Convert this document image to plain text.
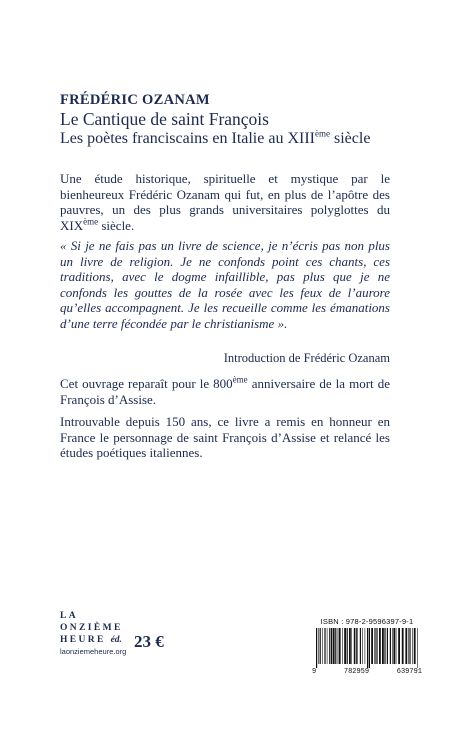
FRÉDÉRIC OZANAM
Le Cantique de saint François
Les poètes franciscains en Italie au XIIIème siècle

Une étude historique, spirituelle et mystique par le bienheureux Frédéric Ozanam qui fut, en plus de l’apôtre des pauvres, un des plus grands universitaires polyglottes du XIXème siècle.

« Si je ne fais pas un livre de science, je n’écris pas non plus un livre de religion. Je ne confonds point ces chants, ces traditions, avec le dogme infaillible, pas plus que je ne confonds les gouttes de la rosée avec les feux de l’aurore qu’elles accompagnent. Je les recueille comme les émanations d’une terre fécondée par le christianisme ».

Introduction de Frédéric Ozanam

Cet ouvrage reparaît pour le 800ème anniversaire de la mort de François d’Assise.

Introuvable depuis 150 ans, ce livre a remis en honneur en France le personnage de saint François d’Assise et relancé les études poétiques italiennes.

LA
ONZIÈME
HEURE éd.
laonziemeheure.org
23 €
ISBN : 978-2-9596397-9-1
9	782959	639791
